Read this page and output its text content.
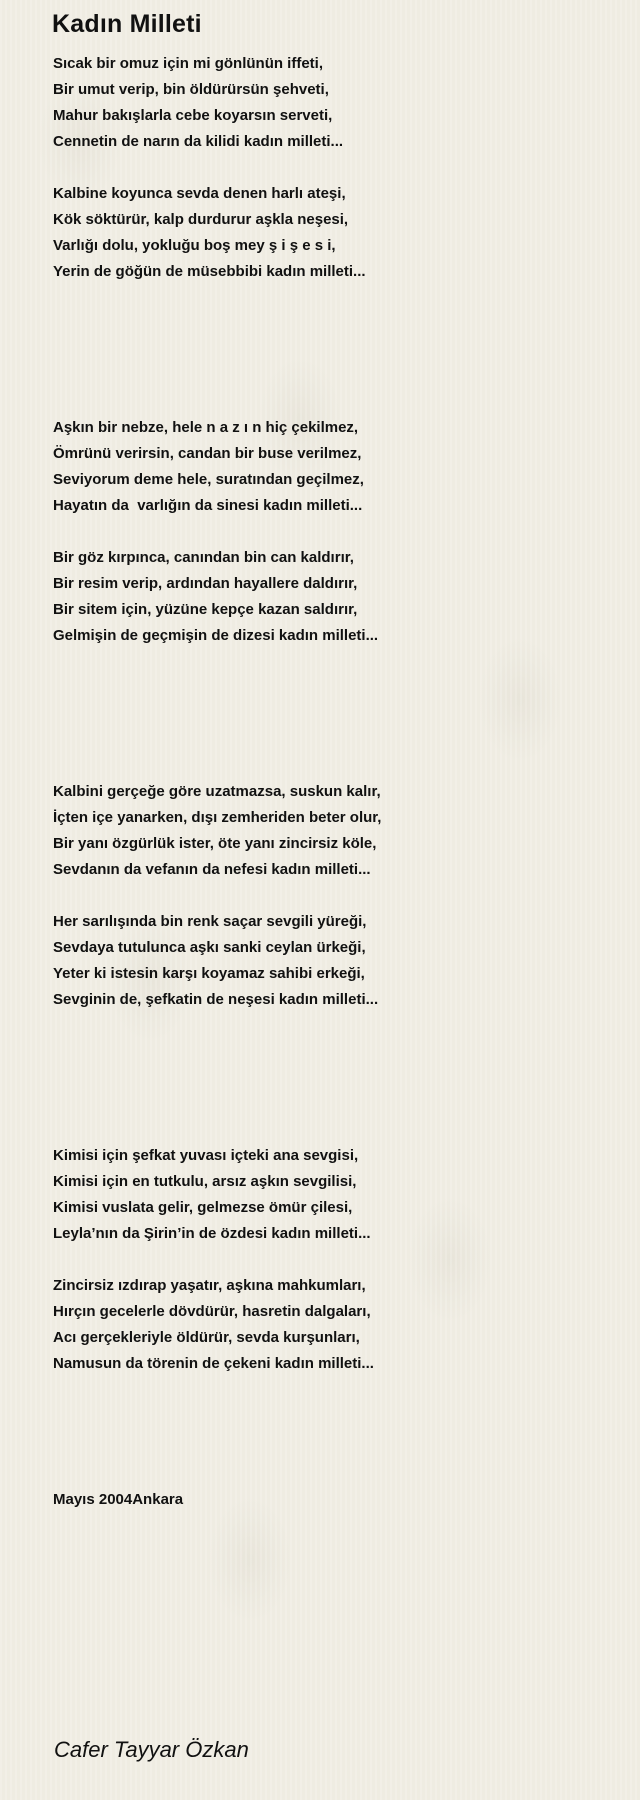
Kadın Milleti
Sıcak bir omuz için mi gönlünün iffeti,
Bir umut verip, bin öldürürsün şehveti,
Mahur bakışlarla cebe koyarsın serveti,
Cennetin de narın da kilidi kadın milleti...
Kalbine koyunca sevda denen harlı ateşi,
Kök söktürür, kalp durdurur aşkla neşesi,
Varlığı dolu, yokluğu boş mey ş i ş e s i,
Yerin de göğün de müsebbibi kadın milleti...
Aşkın bir nebze, hele n a z ı n hiç çekilmez,
Ömrünü verirsin, candan bir buse verilmez,
Seviyorum deme hele, suratından geçilmez,
Hayatın da  varlığın da sinesi kadın milleti...
Bir göz kırpınca, canından bin can kaldırır,
Bir resim verip, ardından hayallere daldırır,
Bir sitem için, yüzüne kepçe kazan saldırır,
Gelmişin de geçmişin de dizesi kadın milleti...
Kalbini gerçeğe göre uzatmazsa, suskun kalır,
İçten içe yanarken, dışı zemheriden beter olur,
Bir yanı özgürlük ister, öte yanı zincirsiz köle,
Sevdanın da vefanın da nefesi kadın milleti...
Her sarılışında bin renk saçar sevgili yüreği,
Sevdaya tutulunca aşkı sanki ceylan ürkeği,
Yeter ki istesin karşı koyamaz sahibi erkeği,
Sevginin de, şefkatin de neşesi kadın milleti...
Kimisi için şefkat yuvası içteki ana sevgisi,
Kimisi için en tutkulu, arsız aşkın sevgilisi,
Kimisi vuslata gelir, gelmezse ömür çilesi,
Leyla’nın da Şirin’in de özdesi kadın milleti...
Zincirsiz ızdırap yaşatır, aşkına mahkumları,
Hırçın gecelerle dövdürür, hasretin dalgaları,
Acı gerçekleriyle öldürür, sevda kurşunları,
Namusun da törenin de çekeni kadın milleti...
Mayıs 2004Ankara
Cafer Tayyar Özkan
